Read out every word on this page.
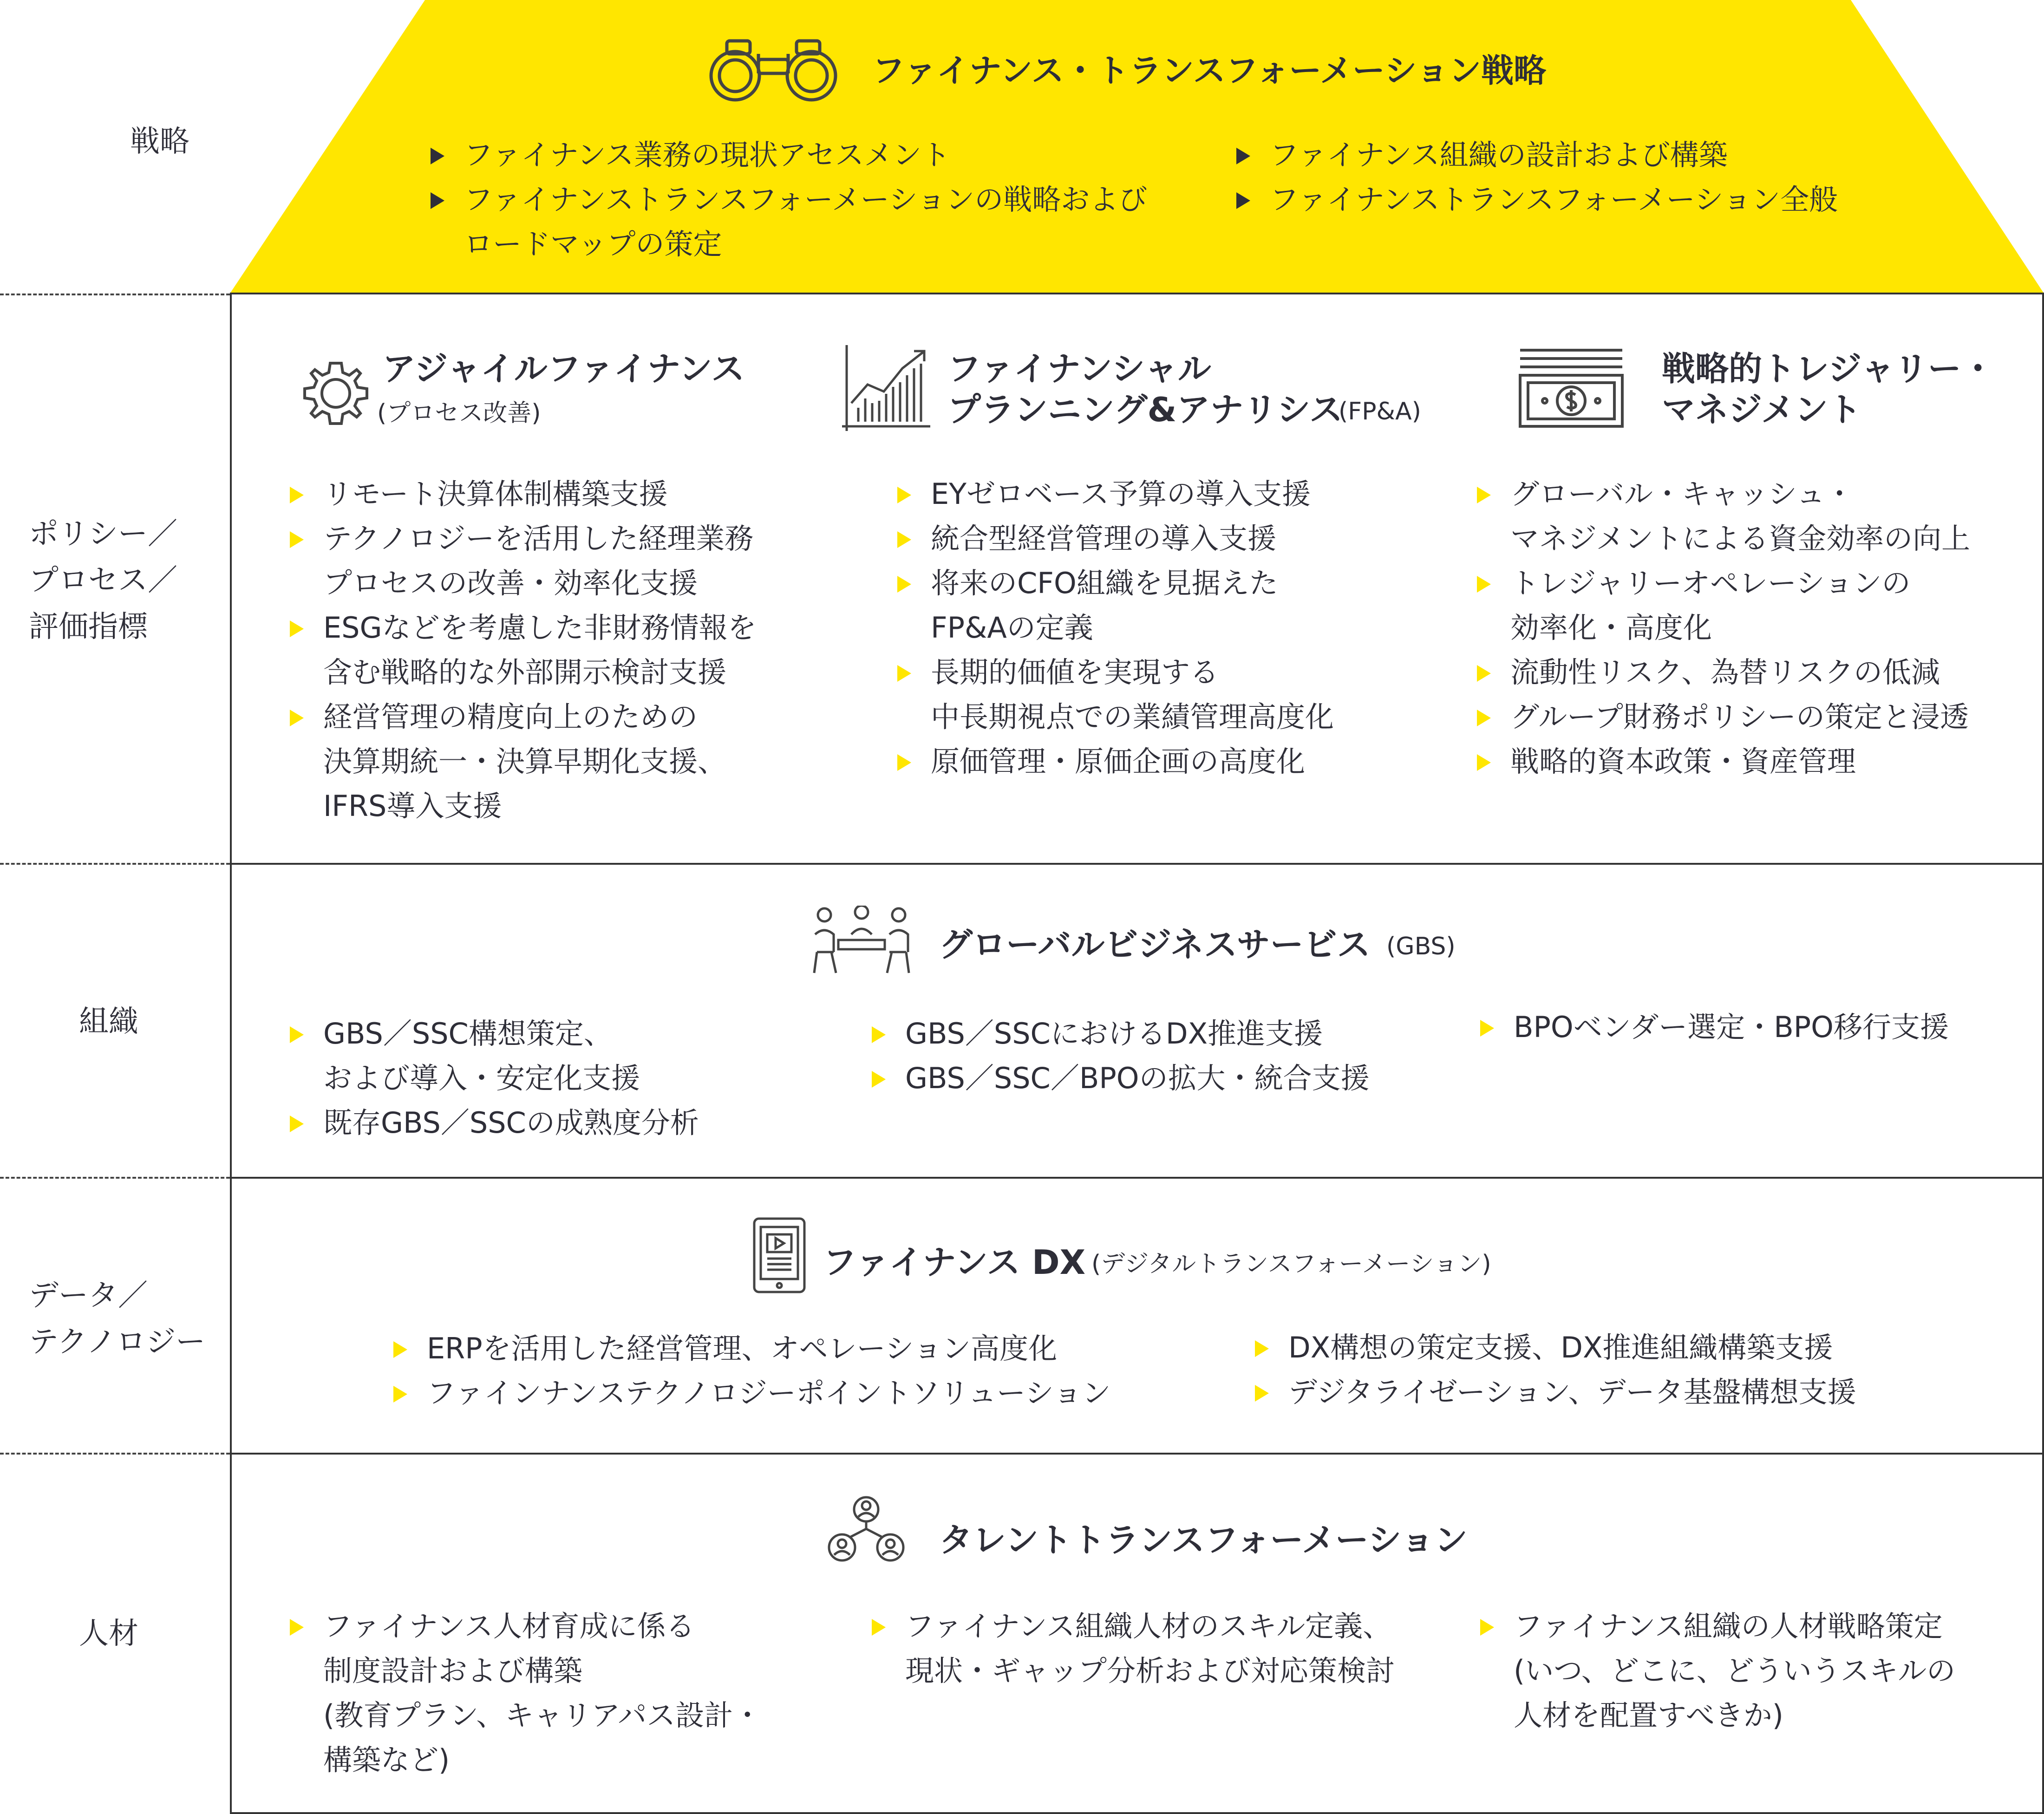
戦略
ファイナンス・トランスフォーメーション戦略
ファイナンス業務の現状アセスメント
ファイナンストランスフォーメーションの戦略および
ロードマップの策定
ファイナンス組織の設計および構築
ファイナンストランスフォーメーション全般
ポリシー／
プロセス／
評価指標
アジャイルファイナンス
(プロセス改善)
リモート決算体制構築支援
テクノロジーを活用した経理業務
プロセスの改善・効率化支援
ESGなどを考慮した非財務情報を
含む戦略的な外部開示検討支援
経営管理の精度向上のための
決算期統一・決算早期化支援、
IFRS導入支援
ファイナンシャル
プランニング&アナリシス
(FP&A)
EYゼロベース予算の導入支援
統合型経営管理の導入支援
将来のCFO組織を見据えた
FP&Aの定義
長期的価値を実現する
中長期視点での業績管理高度化
原価管理・原価企画の高度化
戦略的トレジャリー・
マネジメント
グローバル・キャッシュ・
マネジメントによる資金効率の向上
トレジャリーオペレーションの
効率化・高度化
流動性リスク、為替リスクの低減
グループ財務ポリシーの策定と浸透
戦略的資本政策・資産管理
組織
グローバルビジネスサービス (GBS)
GBS／SSC構想策定、
および導入・安定化支援
既存GBS／SSCの成熟度分析
GBS／SSCにおけるDX推進支援
GBS／SSC／BPOの拡大・統合支援
BPOベンダー選定・BPO移行支援
データ／
テクノロジー
ファイナンス DX (デジタルトランスフォーメーション)
ERPを活用した経営管理、オペレーション高度化
ファインナンステクノロジーポイントソリューション
DX構想の策定支援、DX推進組織構築支援
デジタライゼーション、データ基盤構想支援
人材
タレントトランスフォーメーション
ファイナンス人材育成に係る
制度設計および構築
(教育プラン、キャリアパス設計・
構築など)
ファイナンス組織人材のスキル定義、
現状・ギャップ分析および対応策検討
ファイナンス組織の人材戦略策定
(いつ、どこに、どういうスキルの
人材を配置すべきか)
